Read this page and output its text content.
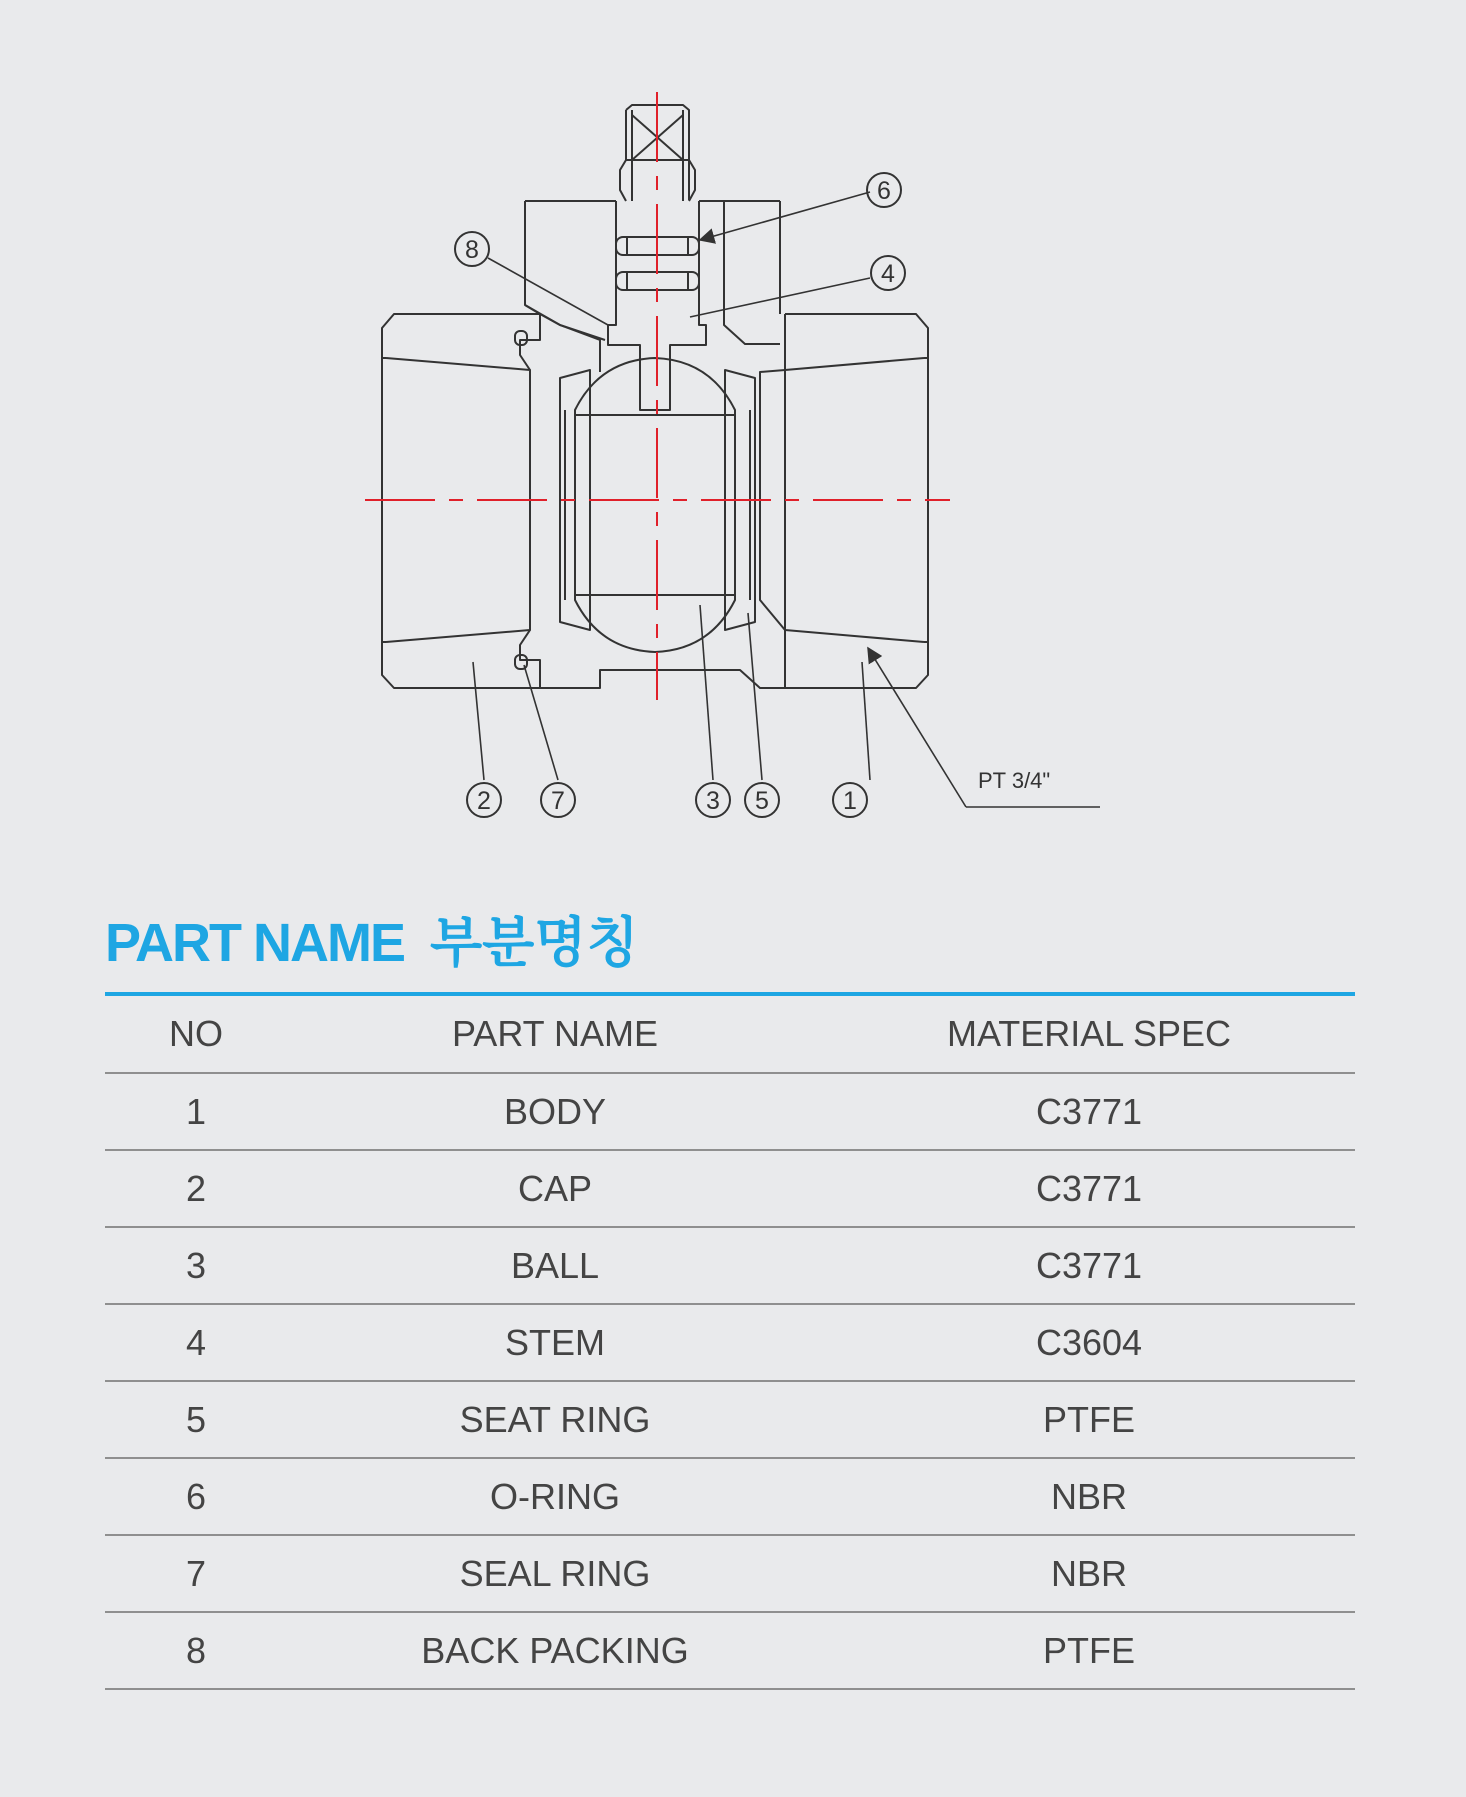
1
2	3
4
5
6
7
8
PT 3/4"
PART NAME 부분명칭
NO	PART NAME	MATERIAL SPEC
1	BODY	C3771
2	CAP	C3771
3	BALL	C3771
4	STEM	C3604
5	SEAT RING	PTFE
6	O-RING	NBR
7	SEAL RING	NBR
8	BACK PACKING	PTFE
